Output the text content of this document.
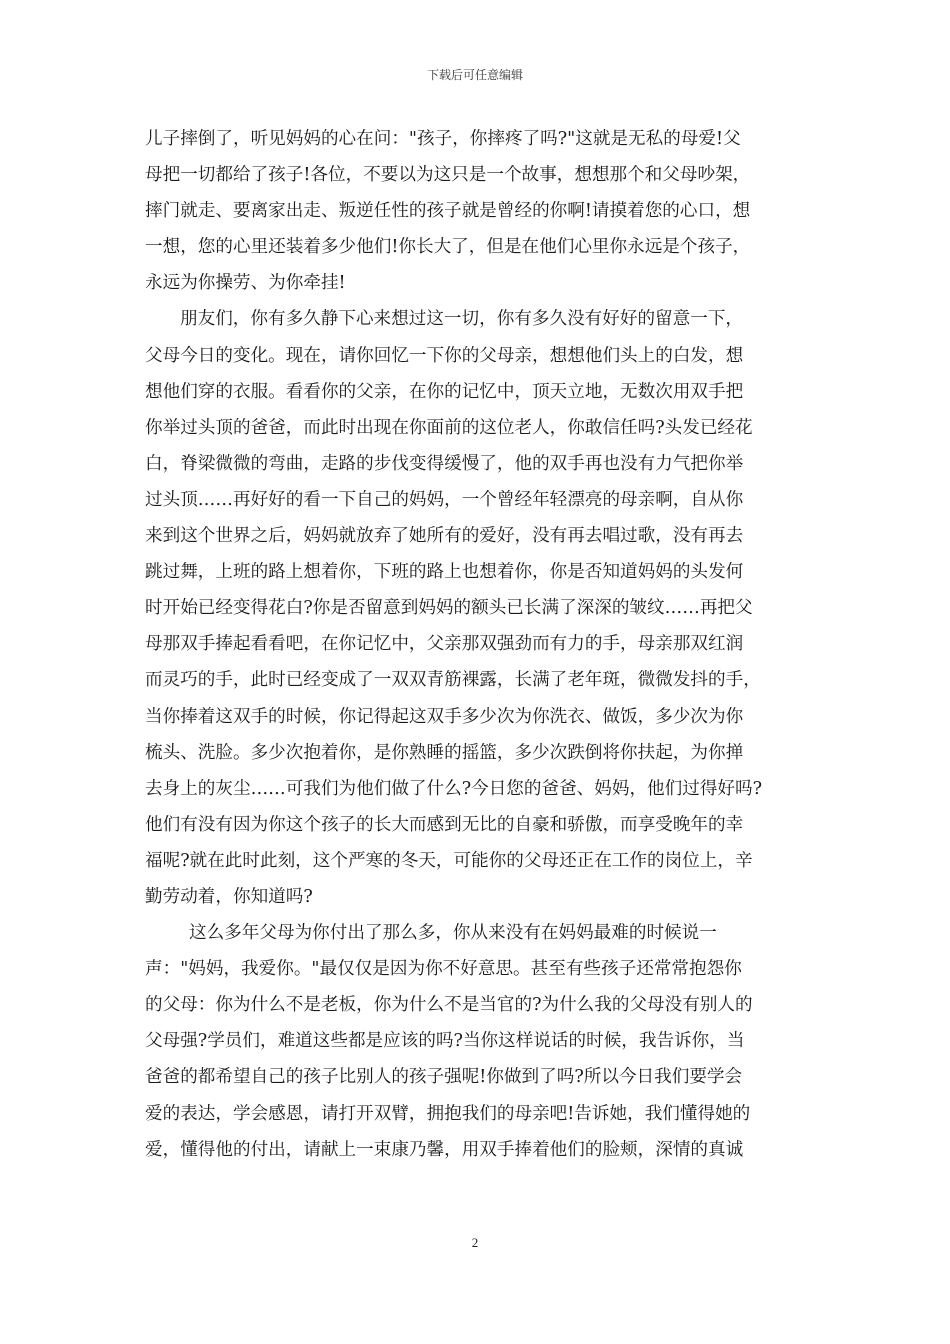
下载后可任意编辑
儿子摔倒了，听见妈妈的心在问："孩子，你摔疼了吗?"这就是无私的母爱!父
母把一切都给了孩子!各位，不要以为这只是一个故事，想想那个和父母吵架，
摔门就走、要离家出走、叛逆任性的孩子就是曾经的你啊!请摸着您的心口，想
一想，您的心里还装着多少他们!你长大了，但是在他们心里你永远是个孩子，
永远为你操劳、为你牵挂!
朋友们，你有多久静下心来想过这一切，你有多久没有好好的留意一下，
父母今日的变化。现在，请你回忆一下你的父母亲，想想他们头上的白发，想
想他们穿的衣服。看看你的父亲，在你的记忆中，顶天立地，无数次用双手把
你举过头顶的爸爸，而此时出现在你面前的这位老人，你敢信任吗?头发已经花
白，脊梁微微的弯曲，走路的步伐变得缓慢了，他的双手再也没有力气把你举
过头顶……再好好的看一下自己的妈妈，一个曾经年轻漂亮的母亲啊，自从你
来到这个世界之后，妈妈就放弃了她所有的爱好，没有再去唱过歌，没有再去
跳过舞，上班的路上想着你，下班的路上也想着你，你是否知道妈妈的头发何
时开始已经变得花白?你是否留意到妈妈的额头已长满了深深的皱纹……再把父
母那双手捧起看看吧，在你记忆中，父亲那双强劲而有力的手，母亲那双红润
而灵巧的手，此时已经变成了一双双青筋裸露，长满了老年斑，微微发抖的手，
当你捧着这双手的时候，你记得起这双手多少次为你洗衣、做饭，多少次为你
梳头、洗脸。多少次抱着你，是你熟睡的摇篮，多少次跌倒将你扶起，为你掸
去身上的灰尘……可我们为他们做了什么?今日您的爸爸、妈妈，他们过得好吗?
他们有没有因为你这个孩子的长大而感到无比的自豪和骄傲，而享受晚年的幸
福呢?就在此时此刻，这个严寒的冬天，可能你的父母还正在工作的岗位上，辛
勤劳动着，你知道吗?
这么多年父母为你付出了那么多，你从来没有在妈妈最难的时候说一
声："妈妈，我爱你。"最仅仅是因为你不好意思。甚至有些孩子还常常抱怨你
的父母：你为什么不是老板，你为什么不是当官的?为什么我的父母没有别人的
父母强?学员们，难道这些都是应该的吗?当你这样说话的时候，我告诉你，当
爸爸的都希望自己的孩子比别人的孩子强呢!你做到了吗?所以今日我们要学会
爱的表达，学会感恩，请打开双臂，拥抱我们的母亲吧!告诉她，我们懂得她的
爱，懂得他的付出，请献上一束康乃馨，用双手捧着他们的脸颊，深情的真诚
2
